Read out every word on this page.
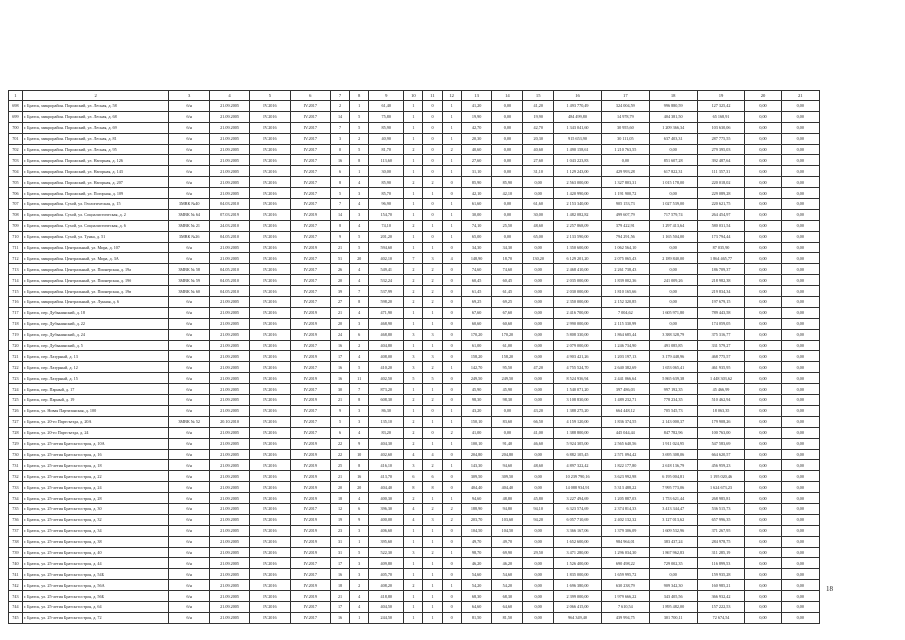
1	2	3	4	5	6	7	8	9	10	11	12	13	14	15	16	17	18	19	20	21
698	г. Братск, микрорайон. Порожский, ул. Лесная, д. 58	б/н	21.09.2005	IV.2016	IV.2017	2	1	61,40	1	0	1	41,20	0,00	41,20	1 493 770,49	324 004,59	996 880,59	127 325,42	0,00	0,00
699	г. Братск, микрорайон. Порожский, ул. Лесная, д. 68	б/н	21.09.2005	IV.2016	IV.2017	14	5	75,80	1	0	1	19,90	0,00	19,90	484 499,80	14 978,79	404 381,50	65 168,91	0,00	0,00
700	г. Братск, микрорайон. Порожский, ул. Лесная, д. 69	б/н	21.09.2005	IV.2016	IV.2017	7	5	85,90	1	0	1	42,70	0,00	42,70	1 343 041,60	30 955,60	1 209 366,34	103 630,06	0,00	0,00
701	г. Братск, микрорайон. Порожский, ул. Лесная, д. 81	б/н	21.09.2005	IV.2016	IV.2017	3	2	40,90	1	0	1	20,30	0,00	20,30	915 653,90	30 111,05	637 403,31	287 775,55	0,00	0,00
702	г. Братск, микрорайон. Порожский, ул. Лесная, д. 95	б/н	21.09.2005	IV.2016	IV.2017	0	5	81,70	2	0	2	40,60	0,00	40,60	1 490 158,61	1 210 763,55	0,00	279 395,03	0,00	0,00
703	г. Братск, микрорайон. Порожский, ул. Нагорная, д. 126	б/н	21.09.2005	IV.2016	IV.2017	16	8	113,60	1	0	1	27,60	0,00	27,60	1 043 223,83	0,00	851 607,28	392 487,64	0,00	0,00
704	г. Братск, микрорайон. Порожский, ул. Нагорная, д. 143	б/н	21.09.2005	IV.2016	IV.2017	6	1	30,00	1	0	1	31,10	0,00	31,10	1 129 243,00	429 993,28	617 822,31	111 357,31	0,00	0,00
705	г. Братск, микрорайон. Порожский, ул. Нагорная, д. 207	б/н	21.09.2005	IV.2016	IV.2017	8	4	85,90	2	2	0	85,90	85,90	0,00	2 563 000,00	1 327 803,31	1 015 178,00	220 018,02	0,00	0,00
706	г. Братск, микрорайон. Порожский, ул. Погорная, д. 109	б/н	21.09.2005	IV.2016	IV.2017	5	3	85,70	1	1	0	42,10	42,10	0,00	1 420 990,00	1 191 900,72	0,00	229 089,28	0,00	0,00
707	г. Братск, микрорайон. Сухой, ул. Геологическая, д. 15	3МВК №40	04.03.2010	IV.2016	IV.2017	7	4	96,90	1	0	1	61,60	0,00	61,60	2 153 340,00	905 153,73	1 027 539,00	220 621,75	0,00	0,00
708	г. Братск, микрорайон. Сухой, ул. Социалистическая, д. 2	3МВК № 64	07.03.2019	IV.2016	IV.2019	14	3	154,70	1	0	1	30,00	0,00	30,00	1 482 082,82	499 607,79	717 579,74	264 454,97	0,00	0,00
709	г. Братск, микрорайон. Сухой, ул. Социалистическая, д. 6	3МВК № 21	24.03.2010	IV.2016	IV.2017	8	4	74,10	2	1	1	74,10	25,50	48,60	2 257 868,09	379 422,91	1 297 413,64	580 031,54	0,00	0,00
710	г. Братск, микрорайон. Сухой, ул. Тунка, д. 51	3МВК №26	04.05.2010	IV.2016	IV.2017	9	5	201,20	1	0	1	65,00	0,00	65,00	2 133 590,00	794 291,56	1 165 504,00	173 794,44	0,00	0,00
711	г. Братск, микрорайон. Центральный, ул. Мира, д. 107	б/н	21.09.2005	IV.2016	IV.2019	21	5	594,60	1	1	0	34,30	34,30	0,00	1 350 600,00	1 062 564,10	0,00	87 035,90	0,00	0,00
712	г. Братск, микрорайон. Центральный, ул. Мира, д. 3А	б/н	21.09.2005	IV.2016	IV.2017	51	20	402,10	7	3	4	148,90	18,70	130,20	6 129 201,20	2 075 065,43	2 189 840,00	1 864 465,77	0,00	0,00
713	г. Братск, микрорайон. Центральный, ул. Пионерская, д. 19а	3МВК № 58	04.05.2010	IV.2016	IV.2017	26	4	549,41	2	2	0	74,60	74,60	0,00	2 468 410,00	2 261 738,43	0,00	186 709,37	0,00	0,00
714	г. Братск, микрорайон. Центральный, ул. Пионерская, д. 19б	3МВК № 59	04.05.2010	IV.2016	IV.2017	20	4	532,24	2	2	0	60,45	60,45	0,00	2 035 000,00	1 839 002,36	241 009,26	218 982,38	0,00	0,00
715	г. Братск, микрорайон. Центральный, ул. Пионерская, д. 19в	3МВК № 60	04.05.2010	IV.2016	IV.2017	39	7	537,99	2	2	0	61,45	61,45	0,00	2 030 000,00	1 810 165,66	0,00	219 834,34	0,00	0,00
716	г. Братск, микрорайон. Центральный, ул. Лунная, д. 6	б/н	21.09.2005	IV.2016	IV.2017	27	8	598,20	2	2	0	69,25	69,25	0,00	2 350 000,00	2 152 320,85	0,00	197 679,15	0,00	0,00
717	г. Братск, пер. Дубынинский, д. 18	б/н	21.09.2005	IV.2016	IV.2019	21	4	471,90	1	1	0	67,60	67,60	0,00	2 416 700,00	7 004,62	1 605 971,80	789 443,58	0,00	0,00
718	г. Братск, пер. Дубынинский, д. 22	б/н	21.09.2005	IV.2016	IV.2019	20	3	468,90	1	1	0	60,60	60,60	0,00	2 990 000,00	2 115 330,99	0,00	174 059,05	0,00	0,00
719	г. Братск, пер. Дубынинский, д. 24	б/н	21.09.2005	IV.2016	IV.2019	24	6	468,80	3	3	0	170,20	170,20	0,00	5 808 330,00	1 864 685,44	3 388 328,79	375 316,77	0,00	0,00
720	г. Братск, пер. Дубынинский, д. 5	б/н	21.09.2005	IV.2016	IV.2017	16	2	404,80	1	1	0	61,00	61,00	0,00	2 079 000,00	1 246 734,90	491 085,85	331 579,27	0,00	0,00
721	г. Братск, пер. Лазурный, д. 13	б/н	21.09.2005	IV.2016	IV.2019	17	4	408,00	3	3	0	158,20	158,20	0,00	4 903 421,26	1 203 197,13	3 179 448,96	468 775,57	0,00	0,00
722	г. Братск, пер. Лазурный, д. 12	б/н	21.09.2005	IV.2016	IV.2017	16	5	410,20	3	2	1	142,70	95,50	47,20	4 755 524,70	2 640 382,69	1 653 065,41	461 935,95	0,00	0,00
723	г. Братск, пер. Лазурный, д. 15	б/н	21.09.2005	IV.2016	IV.2019	16	11	402,50	5	5	0	249,50	249,50	0,00	8 524 936,94	2 441 066,64	5 865 639,38	1 448 303,62	0,00	0,00
724	г. Братск, пер. Парный, д. 17	б/н	21.09.2005	IV.2016	IV.2017	30	7	873,20	1	1	0	45,90	45,90	0,00	1 540 071,20	397 486,03	997 192,35	45 466,99	0,00	0,00
725	г. Братск, пер. Парный, д. 19	б/н	21.09.2005	IV.2016	IV.2019	21	8	608,30	2	2	0	98,30	98,30	0,00	3 108 830,00	1 489 232,71	778 234,35	510 462,94	0,00	0,00
726	г. Братск, ул. Новая Партизанская, д. 100	б/н	21.09.2005	IV.2016	IV.2017	9	3	86,30	1	0	1	43,20	0,00	43,20	1 388 275,20	664 448,12	705 545,73	18 063,35	0,00	0,00
727	г. Братск, ул. 20-го Партсъезда, д. 20А	3МВК № 52	20.10.2010	IV.2016	IV.2017	5	3	135,10	2	1	1	150,10	83,60	66,50	4 159 120,00	1 836 374,55	2 143 000,37	179 908,26	0,00	0,00
728	г. Братск, ул. 20-го Партсъезда, д. 24	б/н	21.09.2005	IV.2016	IV.2017	6	4	83,20	2	0	2	41,00	0,00	41,00	1 388 800,00	445 044,44	847 782,96	100 763,00	0,00	0,00
729	г. Братск, ул. 25-летия Братскгэсстроя, д. 10А	б/н	21.09.2005	IV.2016	IV.2019	22	9	404,30	2	1	1	100,10	91,40	46,60	5 924 305,00	2 565 640,56	1 911 024,95	547 583,69	0,00	0,00
730	г. Братск, ул. 25-летия Братскгэсстроя, д. 16	б/н	21.09.2005	IV.2016	IV.2019	22	10	402,60	4	4	0	204,80	204,80	0,00	6 882 105,45	2 571 094,42	3 695 308,06	664 620,57	0,00	0,00
731	г. Братск, ул. 25-летия Братскгэсстроя, д. 18	б/н	21.09.2005	IV.2016	IV.2019	25	8	416,10	3	2	1	143,30	94,60	48,60	4 897 322,42	1 822 177,80	2 618 136,79	456 959,23	0,00	0,00
732	г. Братск, ул. 25-летия Братскгэсстроя, д. 22	б/н	21.09.2005	IV.2016	IV.2019	21	16	413,70	6	6	0	309,50	309,50	0,00	10 239 790,16	3 623 992,98	6 195 004,81	1 195 020,46	0,00	0,00
733	г. Братск, ул. 25-летия Братскгэсстроя, д. 24	б/н	21.09.2005	IV.2016	IV.2019	20	20	404,40	8	8	0	404,40	404,40	0,00	14 088 934,91	5 313 488,22	7 995 773,06	1 624 673,23	0,00	0,00
734	г. Братск, ул. 25-летия Братскгэсстроя, д. 28	б/н	21.09.2005	IV.2016	IV.2019	18	4	400,30	2	1	1	94,60	48,80	45,80	3 227 494,69	1 205 887,03	1 753 621,44	268 985,81	0,00	0,00
735	г. Братск, ул. 25-летия Братскгэсстроя, д. 30	б/н	21.09.2005	IV.2016	IV.2017	12	6	396,30	4	2	2	188,90	94,80	94,10	6 323 574,69	2 374 814,33	3 413 344,47	536 515,73	0,00	0,00
736	г. Братск, ул. 25-летия Братскгэсстроя, д. 32	б/н	21.09.2005	IV.2016	IV.2019	19	9	400,00	4	3	2	203,70	103,60	94,20	6 057 710,69	2 402 132,32	3 127 013,62	657 996,35	0,00	0,00
737	г. Братск, ул. 25-летия Братскгэсстроя, д. 34	б/н	21.09.2005	IV.2016	IV.2019	23	3	406,60	1	1	0	104,50	104,50	0,00	3 366 167,06	1 379 306,09	1 609 532,96	371 267,95	0,00	0,00
738	г. Братск, ул. 25-летия Братскгэсстроя, д. 38	б/н	21.09.2005	IV.2016	IV.2019	31	1	395,60	1	1	0	49,70	49,70	0,00	1 652 600,00	984 964,01	383 437,24	284 978,75	0,00	0,00
739	г. Братск, ул. 25-летия Братскгэсстроя, д. 40	б/н	21.09.2005	IV.2016	IV.2019	31	5	522,30	3	2	1	98,70	69,90	29,50	3 471 280,00	1 296 034,30	1 867 962,83	311 285,19	0,00	0,00
740	г. Братск, ул. 25-летия Братскгэсстроя, д. 44	б/н	21.09.2005	IV.2016	IV.2017	17	3	409,80	1	1	0	46,20	46,20	0,00	1 526 400,00	690 498,22	729 002,35	116 899,53	0,00	0,00
741	г. Братск, ул. 25-летия Братскгэсстроя, д. 54Б	б/н	21.09.2005	IV.2016	IV.2017	16	3	405,70	1	1	0	54,60	54,60	0,00	1 835 000,00	1 659 995,72	0,00	159 935,28	0,00	0,00
742	г. Братск, ул. 25-летия Братскгэсстроя, д. 56А	б/н	21.09.2005	IV.2016	IV.2019	18	2	408,20	2	1	1	54,20	54,20	0,00	1 696 380,00	630 238,79	909 342,30	160 985,21	0,00	0,00
743	г. Братск, ул. 25-летия Братскгэсстроя, д. 56Б	б/н	21.09.2005	IV.2016	IV.2019	21	4	418,80	1	1	0	68,30	68,30	0,00	2 399 000,00	1 979 666,22	343 405,56	366 932,42	0,00	0,00
744	г. Братск, ул. 25-летия Братскгэсстроя, д. 64	б/н	21.09.2005	IV.2016	IV.2017	17	4	404,50	1	1	0	64,60	64,60	0,00	2 066 415,00	7 610,54	1 895 482,00	157 222,53	0,00	0,00
745	г. Братск, ул. 25-летия Братскгэсстроя, д. 72	б/н	21.09.2005	IV.2016	IV.2017	16	1	244,50	1	1	0	81,50	81,50	0,00	964 349,40	439 994,75	301 700,11	72 674,54	0,00	0,00
18
